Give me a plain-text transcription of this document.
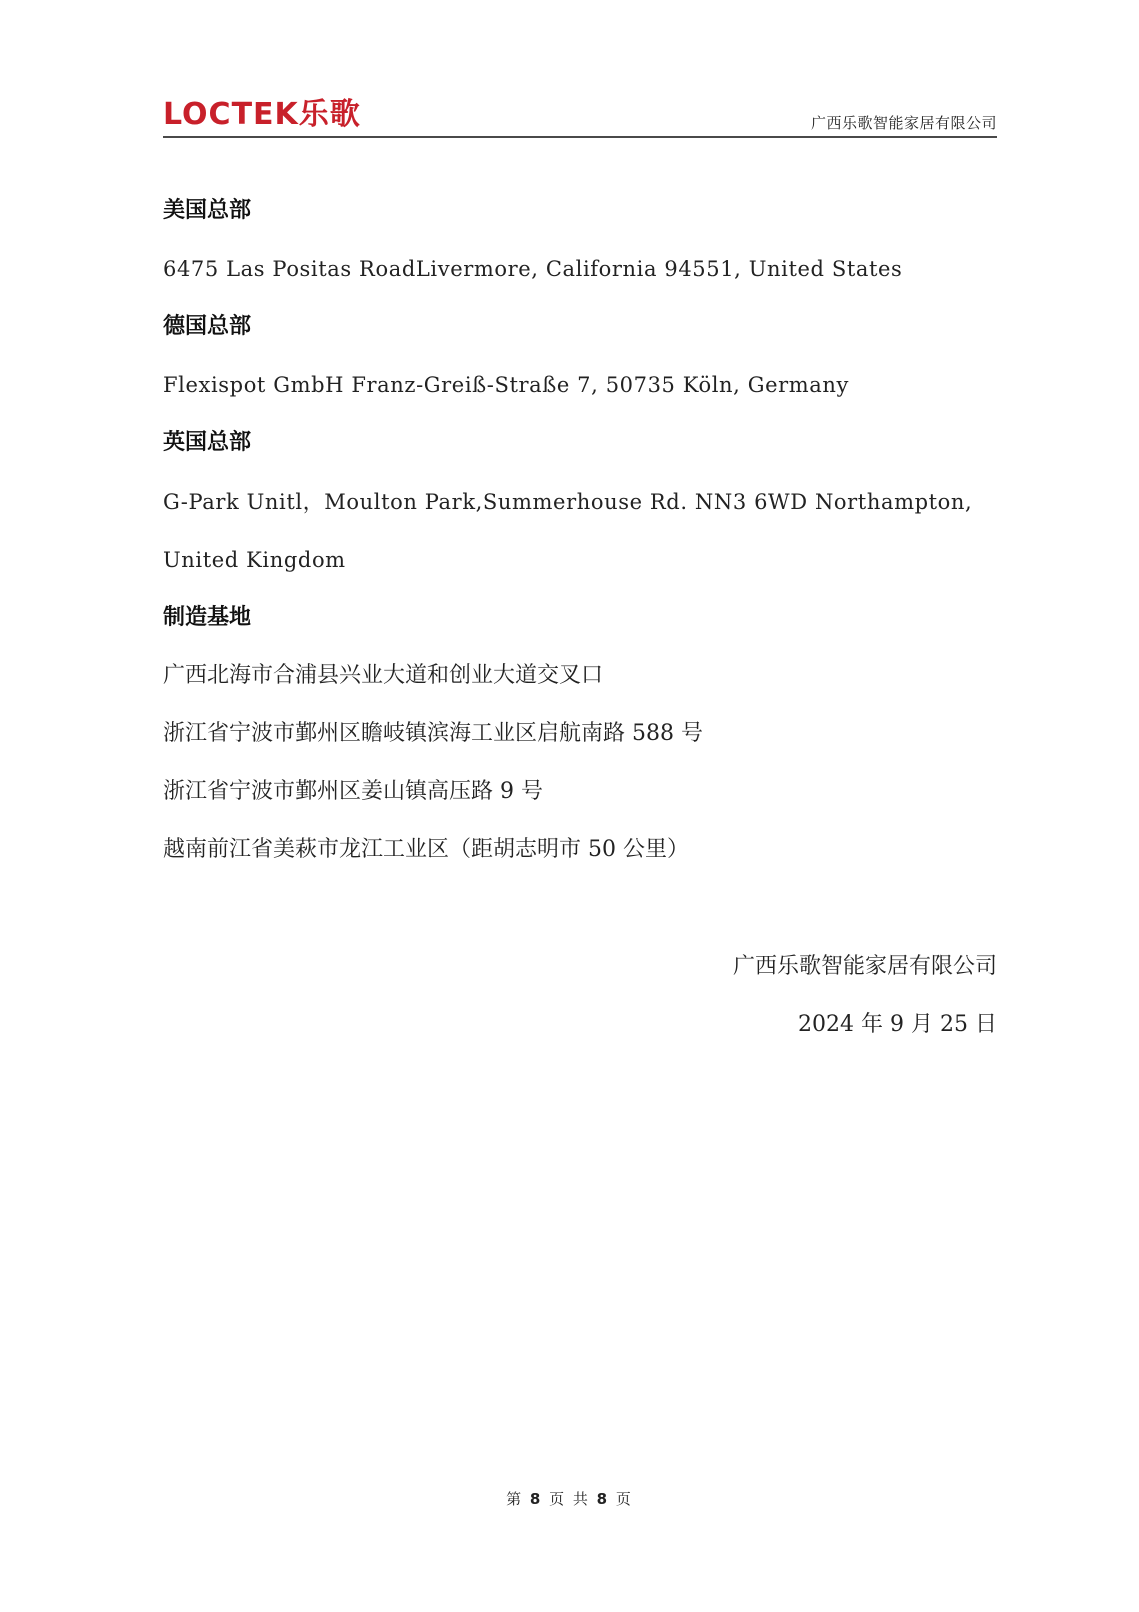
LOCTEK乐歌	广西乐歌智能家居有限公司
美国总部
6475 Las Positas RoadLivermore, California 94551, United States
德国总部
Flexispot GmbH Franz-Greiß-Straße 7, 50735 Köln, Germany
英国总部
G-Park Unitl，Moulton Park,Summerhouse Rd. NN3 6WD Northampton,
United Kingdom
制造基地
广西北海市合浦县兴业大道和创业大道交叉口
浙江省宁波市鄞州区瞻岐镇滨海工业区启航南路 588 号
浙江省宁波市鄞州区姜山镇高压路 9 号
越南前江省美萩市龙江工业区（距胡志明市 50 公里）
广西乐歌智能家居有限公司
2024 年 9 月 25 日
第 8 页 共 8 页
